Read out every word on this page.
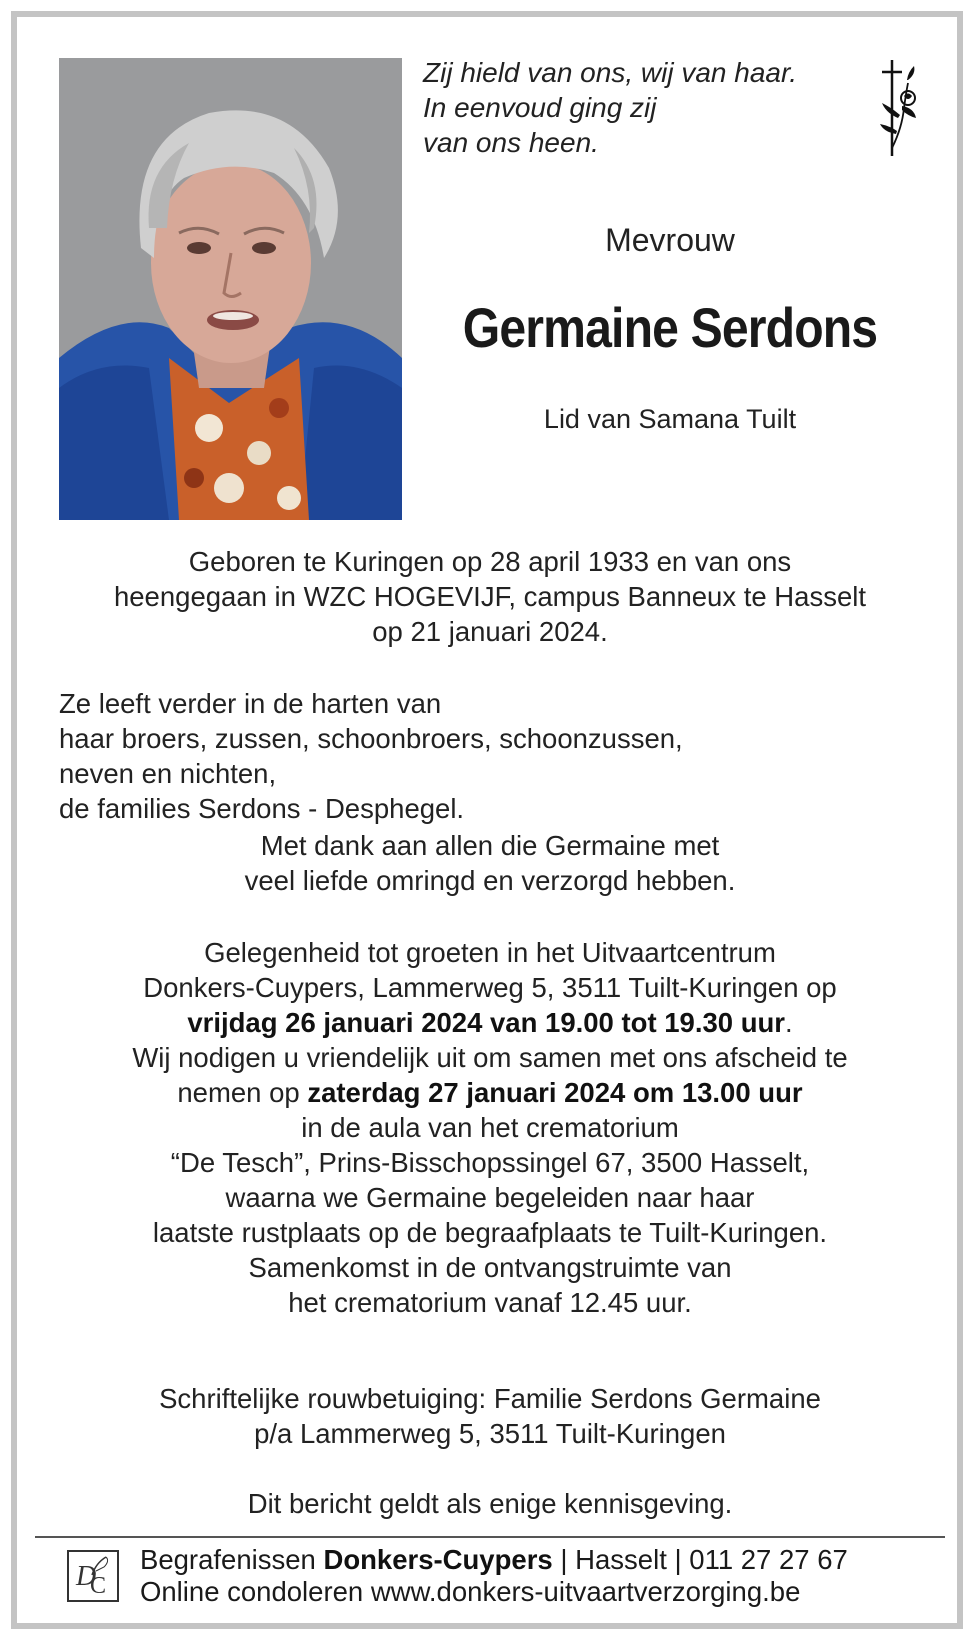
Zij hield van ons, wij van haar.
In eenvoud ging zij
van ons heen.
Mevrouw
Germaine Serdons
Lid van Samana Tuilt
Geboren te Kuringen op 28 april 1933 en van ons
heengegaan in WZC HOGEVIJF, campus Banneux te Hasselt
op 21 januari 2024.
Ze leeft verder in de harten van
haar broers, zussen, schoonbroers, schoonzussen,
neven en nichten,
de families Serdons - Desphegel.
Met dank aan allen die Germaine met
veel liefde omringd en verzorgd hebben.
Gelegenheid tot groeten in het Uitvaartcentrum
Donkers-Cuypers, Lammerweg 5, 3511 Tuilt-Kuringen op
vrijdag 26 januari 2024 van 19.00 tot 19.30 uur.
Wij nodigen u vriendelijk uit om samen met ons afscheid te
nemen op zaterdag 27 januari 2024 om 13.00 uur
in de aula van het crematorium
“De Tesch”, Prins-Bisschopssingel 67, 3500 Hasselt,
waarna we Germaine begeleiden naar haar
laatste rustplaats op de begraafplaats te Tuilt-Kuringen.
Samenkomst in de ontvangstruimte van
het crematorium vanaf 12.45 uur.
Schriftelijke rouwbetuiging: Familie Serdons Germaine
p/a Lammerweg 5, 3511 Tuilt-Kuringen
Dit bericht geldt als enige kennisgeving.
D
C
Begrafenissen Donkers-Cuypers | Hasselt | 011 27 27 67
Online condoleren www.donkers-uitvaartverzorging.be
